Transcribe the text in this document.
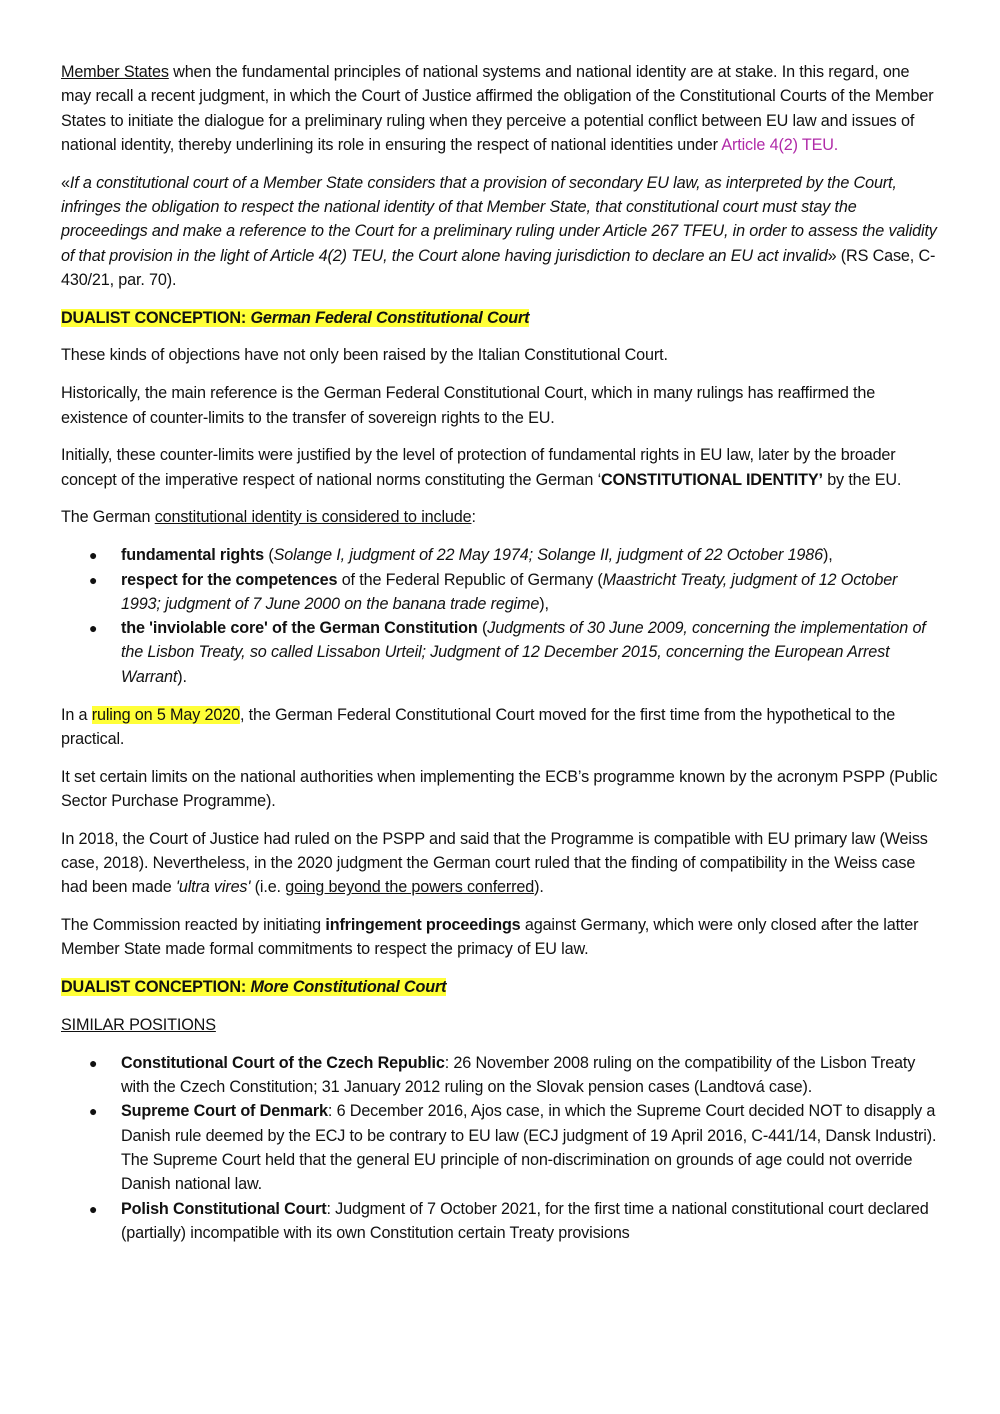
Member States when the fundamental principles of national systems and national identity are at stake. In this regard, one may recall a recent judgment, in which the Court of Justice affirmed the obligation of the Constitutional Courts of the Member States to initiate the dialogue for a preliminary ruling when they perceive a potential conflict between EU law and issues of national identity, thereby underlining its role in ensuring the respect of national identities under Article 4(2) TEU.

«If a constitutional court of a Member State considers that a provision of secondary EU law, as interpreted by the Court, infringes the obligation to respect the national identity of that Member State, that constitutional court must stay the proceedings and make a reference to the Court for a preliminary ruling under Article 267 TFEU, in order to assess the validity of that provision in the light of Article 4(2) TEU, the Court alone having jurisdiction to declare an EU act invalid» (RS Case, C-430/21, par. 70).

DUALIST CONCEPTION: German Federal Constitutional Court

These kinds of objections have not only been raised by the Italian Constitutional Court.

Historically, the main reference is the German Federal Constitutional Court, which in many rulings has reaffirmed the existence of counter-limits to the transfer of sovereign rights to the EU.

Initially, these counter-limits were justified by the level of protection of fundamental rights in EU law, later by the broader concept of the imperative respect of national norms constituting the German ‘CONSTITUTIONAL IDENTITY’ by the EU.

The German constitutional identity is considered to include:

● fundamental rights (Solange I, judgment of 22 May 1974; Solange II, judgment of 22 October 1986),
● respect for the competences of the Federal Republic of Germany (Maastricht Treaty, judgment of 12 October 1993; judgment of 7 June 2000 on the banana trade regime),
● the 'inviolable core' of the German Constitution (Judgments of 30 June 2009, concerning the implementation of the Lisbon Treaty, so called Lissabon Urteil; Judgment of 12 December 2015, concerning the European Arrest Warrant).

In a ruling on 5 May 2020, the German Federal Constitutional Court moved for the first time from the hypothetical to the practical.

It set certain limits on the national authorities when implementing the ECB’s programme known by the acronym PSPP (Public Sector Purchase Programme).

In 2018, the Court of Justice had ruled on the PSPP and said that the Programme is compatible with EU primary law (Weiss case, 2018). Nevertheless, in the 2020 judgment the German court ruled that the finding of compatibility in the Weiss case had been made 'ultra vires' (i.e. going beyond the powers conferred).

The Commission reacted by initiating infringement proceedings against Germany, which were only closed after the latter Member State made formal commitments to respect the primacy of EU law.

DUALIST CONCEPTION: More Constitutional Court

SIMILAR POSITIONS

● Constitutional Court of the Czech Republic: 26 November 2008 ruling on the compatibility of the Lisbon Treaty with the Czech Constitution; 31 January 2012 ruling on the Slovak pension cases (Landtová case).
● Supreme Court of Denmark: 6 December 2016, Ajos case, in which the Supreme Court decided NOT to disapply a Danish rule deemed by the ECJ to be contrary to EU law (ECJ judgment of 19 April 2016, C-441/14, Dansk Industri). The Supreme Court held that the general EU principle of non-discrimination on grounds of age could not override Danish national law.
● Polish Constitutional Court: Judgment of 7 October 2021, for the first time a national constitutional court declared (partially) incompatible with its own Constitution certain Treaty provisions
